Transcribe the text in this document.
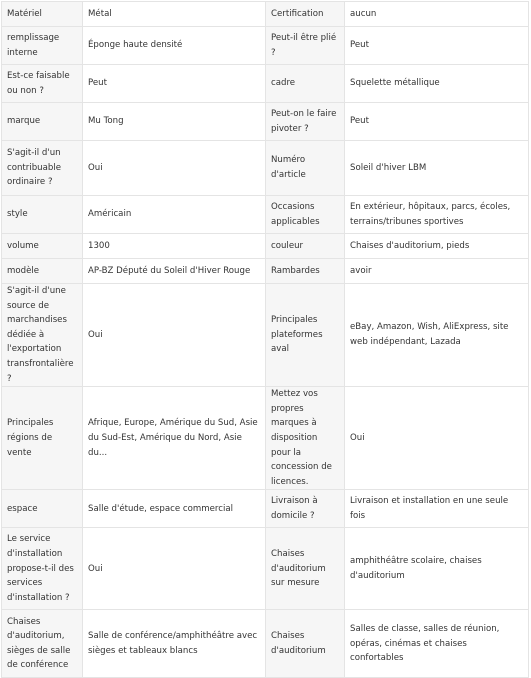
Matériel	Métal	Certification	aucun
remplissage interne	Éponge haute densité	Peut-il être plié ?	Peut
Est-ce faisable ou non ?	Peut	cadre	Squelette métallique
marque	Mu Tong	Peut-on le faire pivoter ?	Peut
S'agit-il d'un contribuable ordinaire ?	Oui	Numéro d'article	Soleil d'hiver LBM
style	Américain	Occasions applicables	En extérieur, hôpitaux, parcs, écoles, terrains/tribunes sportives
volume	1300	couleur	Chaises d'auditorium, pieds
modèle	AP-BZ Député du Soleil d'Hiver Rouge	Rambardes	avoir
S'agit-il d'une source de marchandises dédiée à l'exportation transfrontalière ?	Oui	Principales plateformes aval	eBay, Amazon, Wish, AliExpress, site web indépendant, Lazada
Principales régions de vente	Afrique, Europe, Amérique du Sud, Asie du Sud-Est, Amérique du Nord, Asie du...	Mettez vos propres marques à disposition pour la concession de licences.	Oui
espace	Salle d'étude, espace commercial	Livraison à domicile ?	Livraison et installation en une seule fois
Le service d'installation propose-t-il des services d'installation ?	Oui	Chaises d'auditorium sur mesure	amphithéâtre scolaire, chaises d'auditorium
Chaises d'auditorium, sièges de salle de conférence	Salle de conférence/amphithéâtre avec sièges et tableaux blancs	Chaises d'auditorium	Salles de classe, salles de réunion, opéras, cinémas et chaises confortables
